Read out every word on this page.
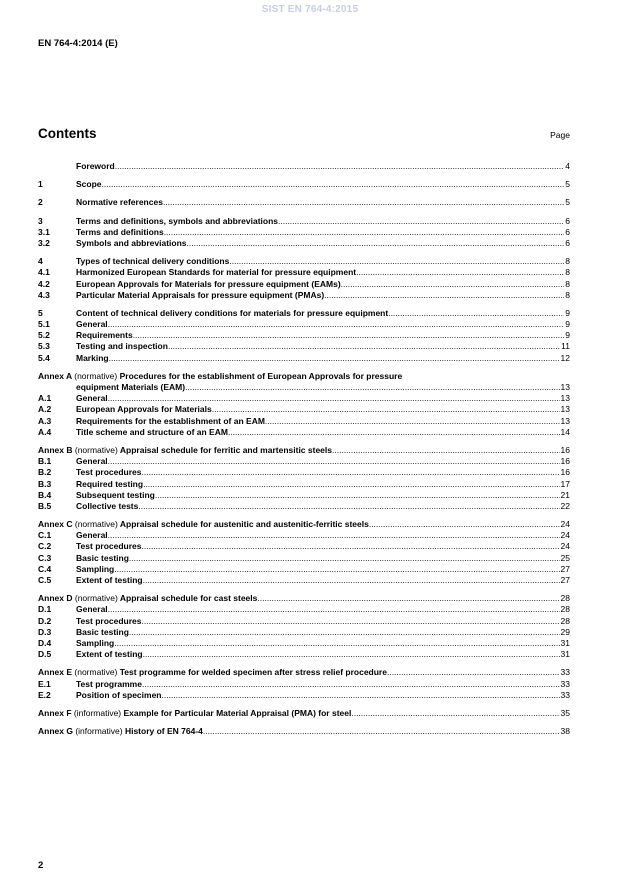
SIST EN 764-4:2015
EN 764-4:2014 (E)
Contents	Page
Foreword .....	4
1	Scope .....	5
2	Normative references .....	5
3	Terms and definitions, symbols and abbreviations .....	6
3.1	Terms and definitions .....	6
3.2	Symbols and abbreviations .....	6
4	Types of technical delivery conditions .....	8
4.1	Harmonized European Standards for material for pressure equipment .....	8
4.2	European Approvals for Materials for pressure equipment (EAMs) .....	8
4.3	Particular Material Appraisals for pressure equipment (PMAs) .....	8
5	Content of technical delivery conditions for materials for pressure equipment .....	9
5.1	General .....	9
5.2	Requirements .....	9
5.3	Testing and inspection .....	11
5.4	Marking .....	12
Annex A (normative) Procedures for the establishment of European Approvals for pressure
equipment Materials (EAM) .....	13
A.1	General .....	13
A.2	European Approvals for Materials .....	13
A.3	Requirements for the establishment of an EAM .....	13
A.4	Title scheme and structure of an EAM .....	14
Annex B (normative) Appraisal schedule for ferritic and martensitic steels .....	16
B.1	General .....	16
B.2	Test procedures .....	16
B.3	Required testing .....	17
B.4	Subsequent testing .....	21
B.5	Collective tests .....	22
Annex C (normative) Appraisal schedule for austenitic and austenitic-ferritic steels .....	24
C.1	General .....	24
C.2	Test procedures .....	24
C.3	Basic testing .....	25
C.4	Sampling .....	27
C.5	Extent of testing .....	27
Annex D (normative) Appraisal schedule for cast steels .....	28
D.1	General .....	28
D.2	Test procedures .....	28
D.3	Basic testing .....	29
D.4	Sampling .....	31
D.5	Extent of testing .....	31
Annex E (normative) Test programme for welded specimen after stress relief procedure .....	33
E.1	Test programme .....	33
E.2	Position of specimen .....	33
Annex F (informative) Example for Particular Material Appraisal (PMA) for steel .....	35
Annex G (informative) History of EN 764-4 .....	38
2
